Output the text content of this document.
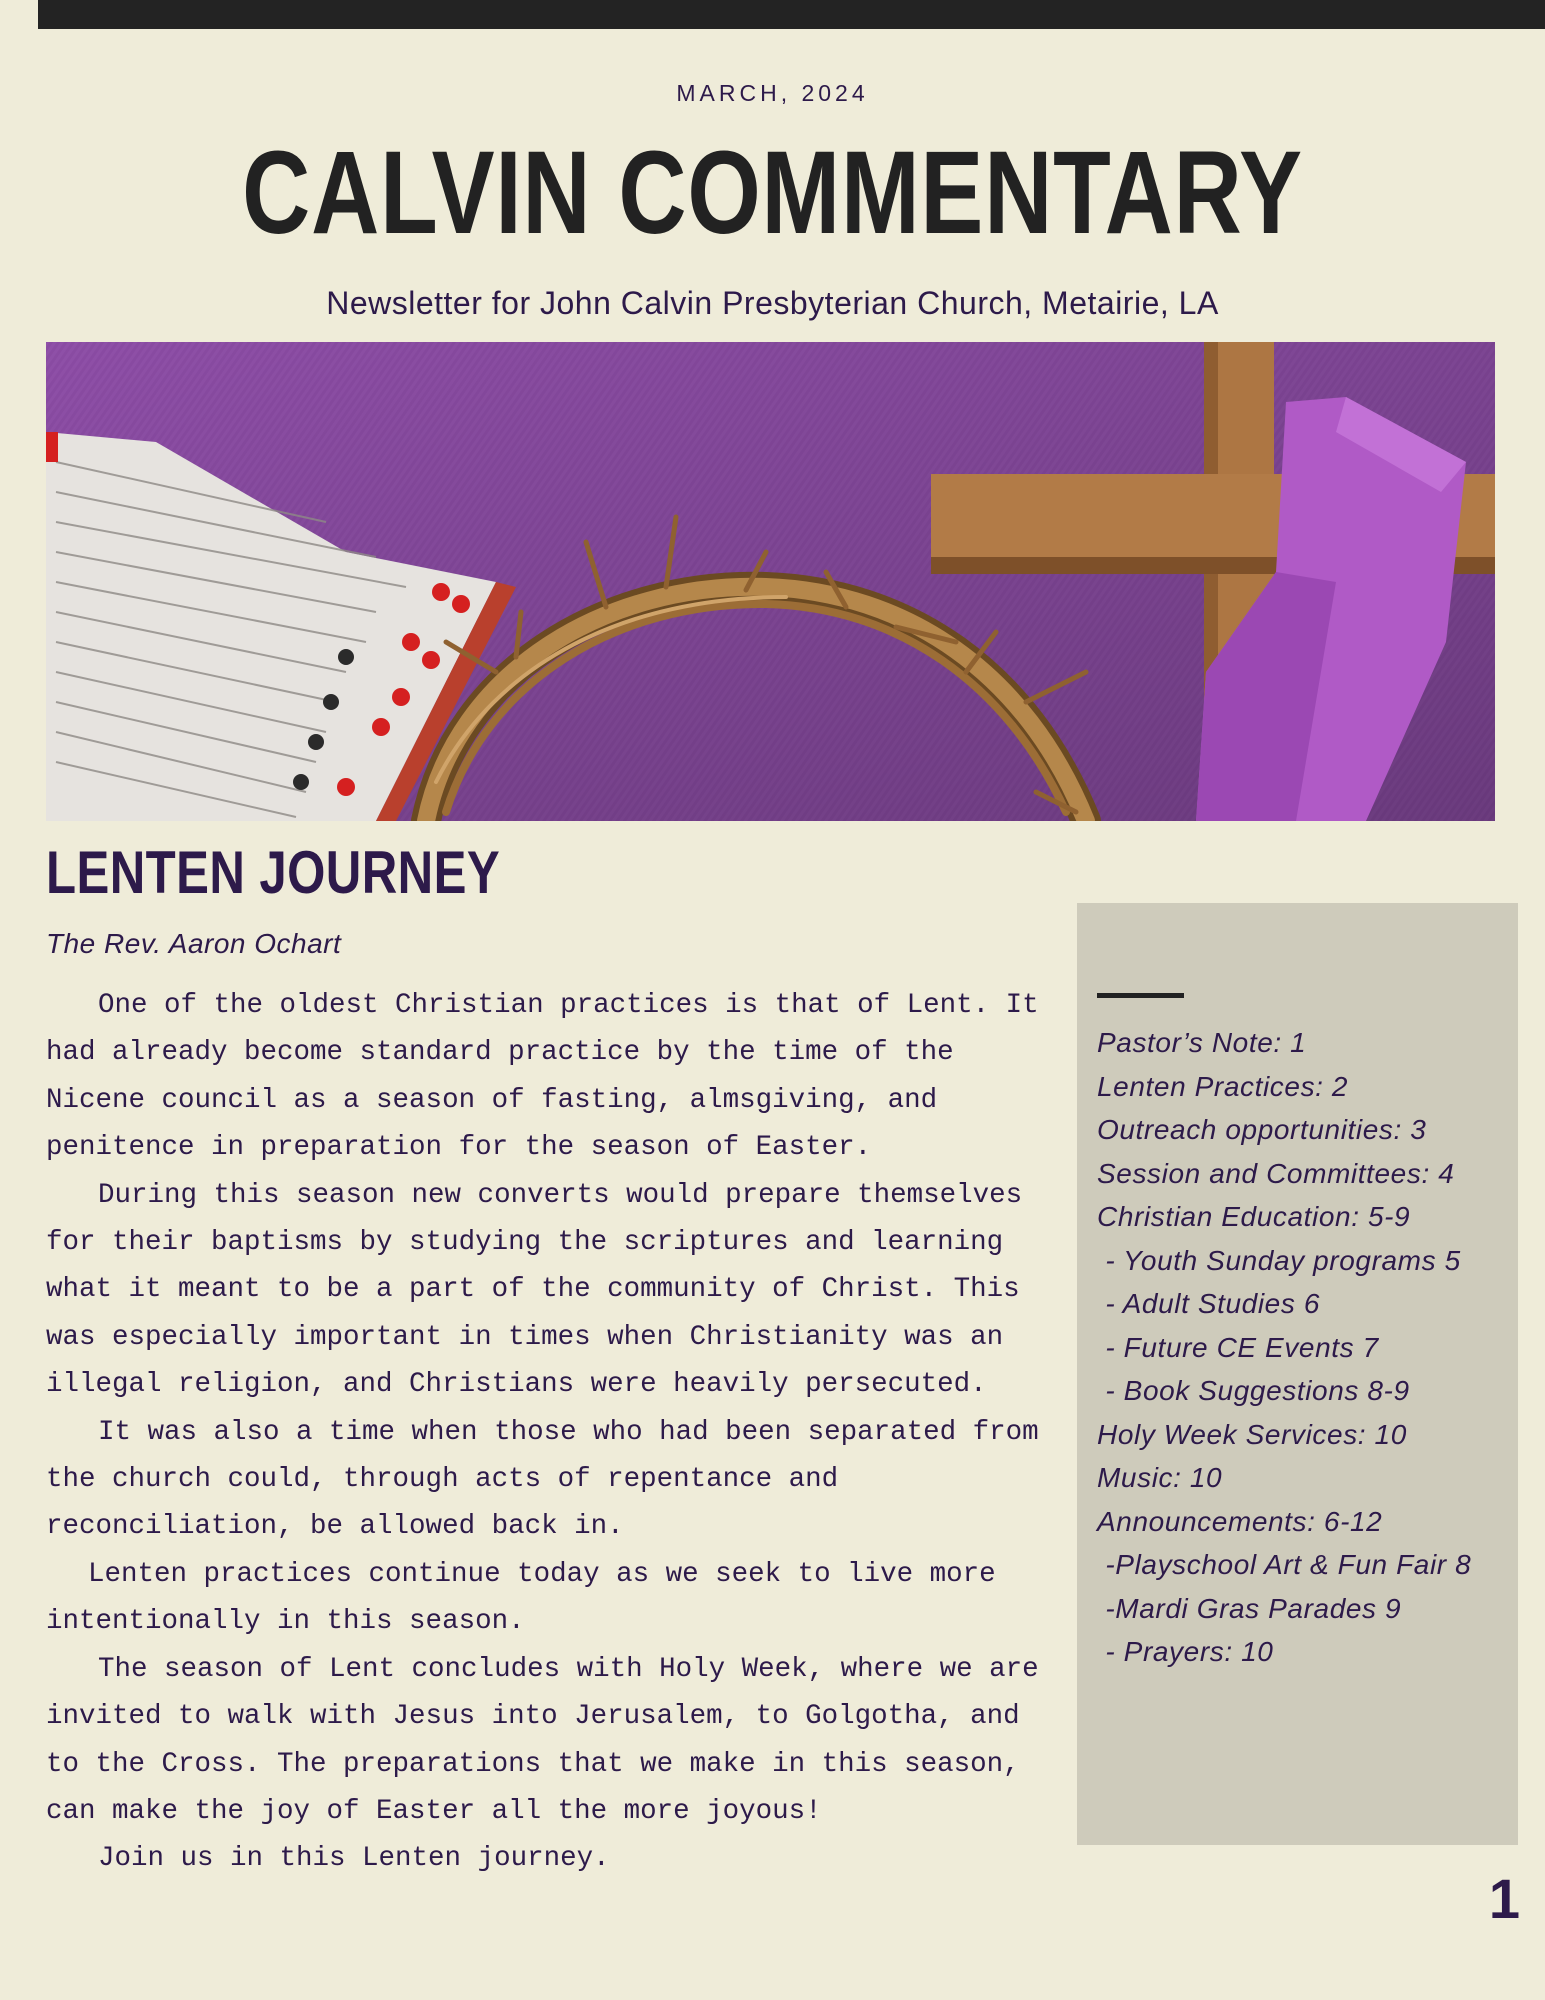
MARCH, 2024
CALVIN COMMENTARY
Newsletter for John Calvin Presbyterian Church, Metairie, LA
LENTEN JOURNEY
The Rev. Aaron Ochart

One of the oldest Christian practices is that of Lent. It had already become standard practice by the time of the Nicene council as a season of fasting, almsgiving, and penitence in preparation for the season of Easter.

During this season new converts would prepare themselves for their baptisms by studying the scriptures and learning what it meant to be a part of the community of Christ. This was especially important in times when Christianity was an illegal religion, and Christians were heavily persecuted.

It was also a time when those who had been separated from the church could, through acts of repentance and reconciliation, be allowed back in.

Lenten practices continue today as we seek to live more intentionally in this season.

The season of Lent concludes with Holy Week, where we are invited to walk with Jesus into Jerusalem, to Golgotha, and to the Cross. The preparations that we make in this season, can make the joy of Easter all the more joyous!

Join us in this Lenten journey.

Pastor’s Note: 1
Lenten Practices: 2
Outreach opportunities: 3
Session and Committees: 4
Christian Education: 5-9
- Youth Sunday programs 5
- Adult Studies 6
- Future CE Events 7
- Book Suggestions 8-9
Holy Week Services: 10
Music: 10
Announcements: 6-12
-Playschool Art & Fun Fair 8
-Mardi Gras Parades 9
- Prayers: 10
1
